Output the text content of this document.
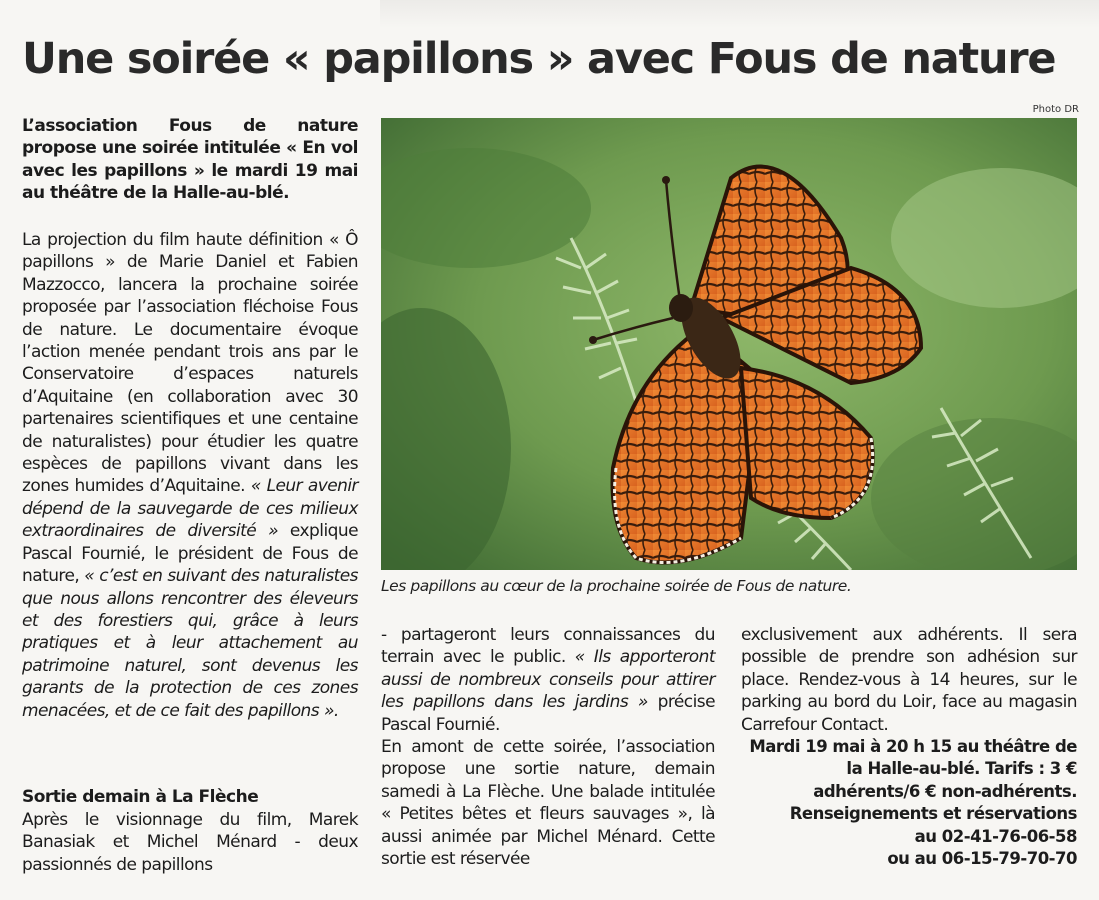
Une soirée « papillons » avec Fous de nature
Photo DR
L’association Fous de nature propose une soirée intitulée « En vol avec les papillons » le mardi 19 mai au théâtre de la Halle-au-blé.
La projection du film haute définition « Ô papillons » de Marie Daniel et Fabien Mazzocco, lancera la prochaine soirée proposée par l’association fléchoise Fous de nature. Le documentaire évoque l’action menée pendant trois ans par le Conservatoire d’espaces naturels d’Aquitaine (en collaboration avec 30 partenaires scientifiques et une centaine de naturalistes) pour étudier les quatre espèces de papillons vivant dans les zones humides d’Aquitaine. « Leur avenir dépend de la sauvegarde de ces milieux extraordinaires de diversité » explique Pascal Fournié, le président de Fous de nature, « c’est en suivant des naturalistes que nous allons rencontrer des éleveurs et des forestiers qui, grâce à leurs pratiques et à leur attachement au patrimoine naturel, sont devenus les garants de la protection de ces zones menacées, et de ce fait des papillons ».
Sortie demain à La Flèche
Après le visionnage du film, Marek Banasiak et Michel Ménard - deux passionnés de papillons
Les papillons au cœur de la prochaine soirée de Fous de nature.
- partageront leurs connaissances du terrain avec le public. « Ils apporteront aussi de nombreux conseils pour attirer les papillons dans les jardins » précise Pascal Fournié.
En amont de cette soirée, l’association propose une sortie nature, demain samedi à La Flèche. Une balade intitulée « Petites bêtes et fleurs sauvages », là aussi animée par Michel Ménard. Cette sortie est réservée
exclusivement aux adhérents. Il sera possible de prendre son adhésion sur place. Rendez-vous à 14 heures, sur le parking au bord du Loir, face au magasin Carrefour Contact.
Mardi 19 mai à 20 h 15 au théâtre de la Halle-au-blé. Tarifs : 3 € adhérents/6 € non-adhérents.
Renseignements et réservations
au 02-41-76-06-58
ou au 06-15-79-70-70
